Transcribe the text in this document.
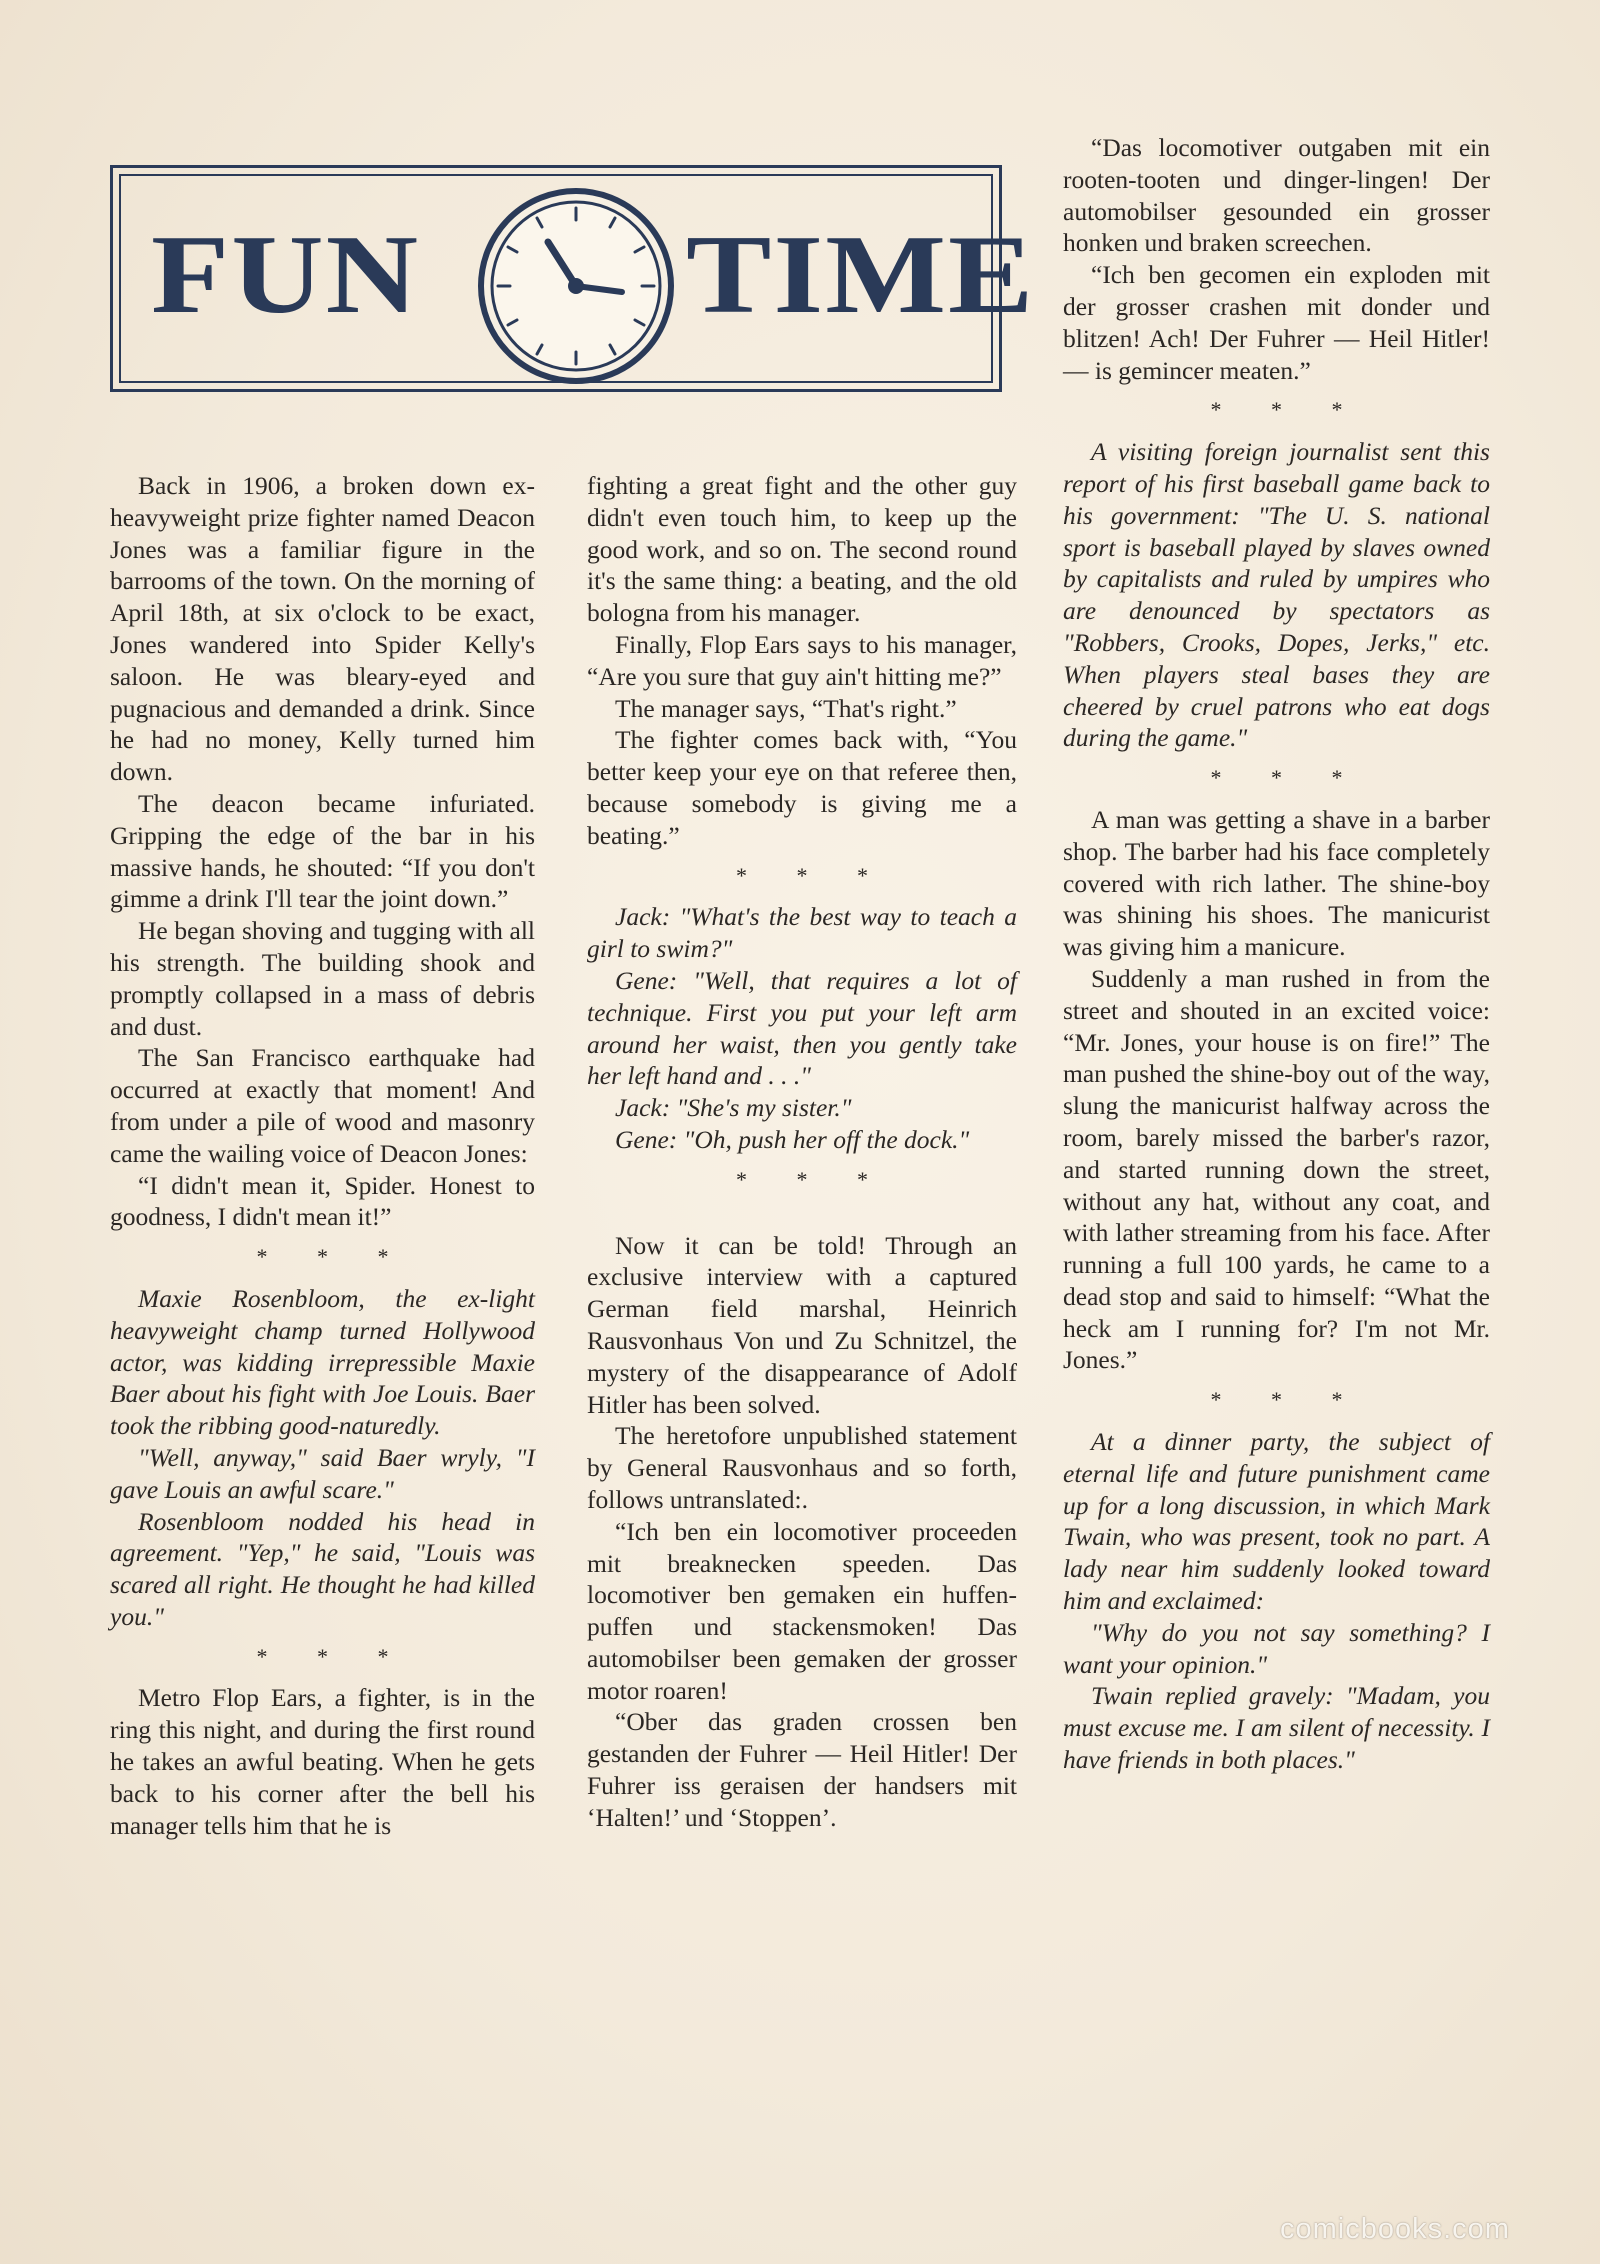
FUN TIME

Back in 1906, a broken down ex-heavyweight prize fighter named Deacon Jones was a familiar figure in the barrooms of the town. On the morning of April 18th, at six o'clock to be exact, Jones wandered into Spider Kelly's saloon. He was bleary-eyed and pugnacious and demanded a drink. Since he had no money, Kelly turned him down.

The deacon became infuriated. Gripping the edge of the bar in his massive hands, he shouted: “If you don't gimme a drink I'll tear the joint down.”

He began shoving and tugging with all his strength. The building shook and promptly collapsed in a mass of debris and dust.

The San Francisco earthquake had occurred at exactly that moment! And from under a pile of wood and masonry came the wailing voice of Deacon Jones:

“I didn't mean it, Spider. Honest to goodness, I didn't mean it!”

* * *

Maxie Rosenbloom, the ex-light heavyweight champ turned Hollywood actor, was kidding irrepressible Maxie Baer about his fight with Joe Louis. Baer took the ribbing good-naturedly.

"Well, anyway," said Baer wryly, "I gave Louis an awful scare."

Rosenbloom nodded his head in agreement. "Yep," he said, "Louis was scared all right. He thought he had killed you."

* * *

Metro Flop Ears, a fighter, is in the ring this night, and during the first round he takes an awful beating. When he gets back to his corner after the bell his manager tells him that he is

fighting a great fight and the other guy didn't even touch him, to keep up the good work, and so on. The second round it's the same thing: a beating, and the old bologna from his manager.

Finally, Flop Ears says to his manager, “Are you sure that guy ain't hitting me?”

The manager says, “That's right.”

The fighter comes back with, “You better keep your eye on that referee then, because somebody is giving me a beating.”

* * *

Jack: "What's the best way to teach a girl to swim?"

Gene: "Well, that requires a lot of technique. First you put your left arm around her waist, then you gently take her left hand and . . ."

Jack: "She's my sister."

Gene: "Oh, push her off the dock."

* * *

Now it can be told! Through an exclusive interview with a captured German field marshal, Heinrich Rausvonhaus Von und Zu Schnitzel, the mystery of the disappearance of Adolf Hitler has been solved.

The heretofore unpublished statement by General Rausvonhaus and so forth, follows untranslated:.

“Ich ben ein locomotiver proceeden mit breaknecken speeden. Das locomotiver ben gemaken ein huffen-puffen und stackensmoken! Das automobilser been gemaken der grosser motor roaren!

“Ober das graden crossen ben gestanden der Fuhrer — Heil Hitler! Der Fuhrer iss geraisen der handsers mit ‘Halten!’ und ‘Stoppen’.

“Das locomotiver outgaben mit ein rooten-tooten und dinger-lingen! Der automobilser gesounded ein grosser honken und braken screechen.

“Ich ben gecomen ein exploden mit der grosser crashen mit donder und blitzen! Ach! Der Fuhrer — Heil Hitler! — is gemincer meaten.”

* * *

A visiting foreign journalist sent this report of his first baseball game back to his government: "The U. S. national sport is baseball played by slaves owned by capitalists and ruled by umpires who are denounced by spectators as "Robbers, Crooks, Dopes, Jerks," etc. When players steal bases they are cheered by cruel patrons who eat dogs during the game."

* * *

A man was getting a shave in a barber shop. The barber had his face completely covered with rich lather. The shine-boy was shining his shoes. The manicurist was giving him a manicure.

Suddenly a man rushed in from the street and shouted in an excited voice: “Mr. Jones, your house is on fire!” The man pushed the shine-boy out of the way, slung the manicurist halfway across the room, barely missed the barber's razor, and started running down the street, without any hat, without any coat, and with lather streaming from his face. After running a full 100 yards, he came to a dead stop and said to himself: “What the heck am I running for? I'm not Mr. Jones.”

* * *

At a dinner party, the subject of eternal life and future punishment came up for a long discussion, in which Mark Twain, who was present, took no part. A lady near him suddenly looked toward him and exclaimed:

"Why do you not say something? I want your opinion."

Twain replied gravely: "Madam, you must excuse me. I am silent of necessity. I have friends in both places."

comicbooks.com
